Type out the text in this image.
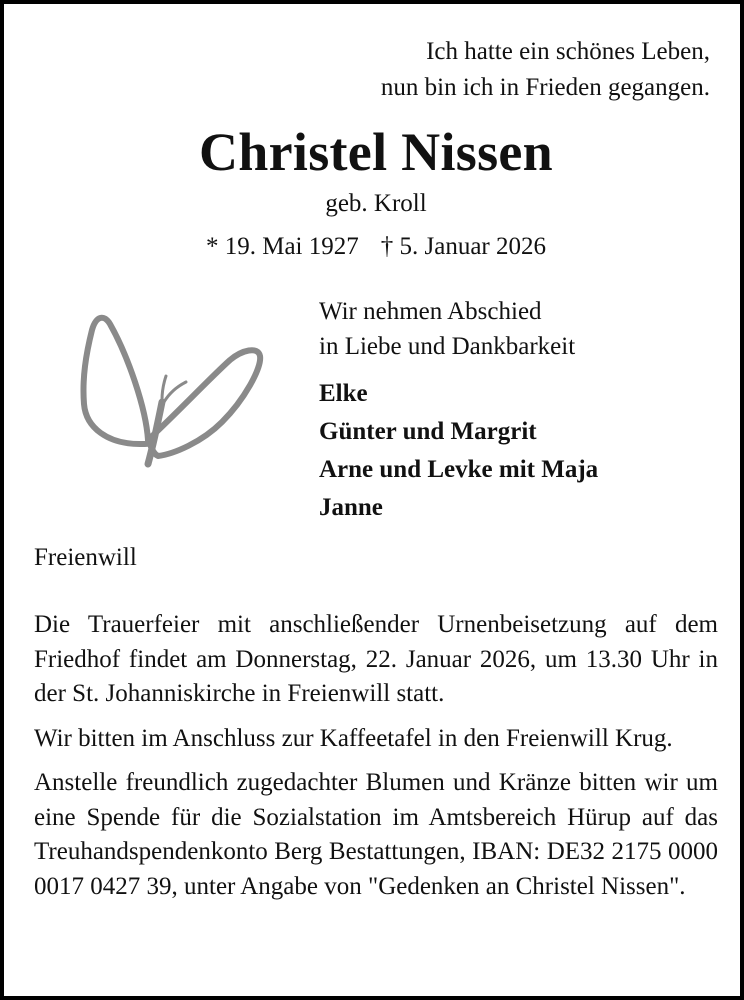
Ich hatte ein schönes Leben,
nun bin ich in Frieden gegangen.
Christel Nissen
geb. Kroll
* 19. Mai 1927 † 5. Januar 2026
Wir nehmen Abschied
in Liebe und Dankbarkeit
Elke
Günter und Margrit
Arne und Levke mit Maja
Janne
Freienwill

Die Trauerfeier mit anschließender Urnenbeisetzung auf dem Friedhof findet am Donnerstag, 22. Januar 2026, um 13.30 Uhr in der St. Johanniskirche in Freienwill statt.

Wir bitten im Anschluss zur Kaffeetafel in den Freienwill Krug.

Anstelle freundlich zugedachter Blumen und Kränze bitten wir um eine Spende für die Sozialstation im Amtsbereich Hürup auf das Treuhandspendenkonto Berg Bestattungen, IBAN: DE32 2175 0000 0017 0427 39, unter Angabe von "Gedenken an Christel Nissen".
